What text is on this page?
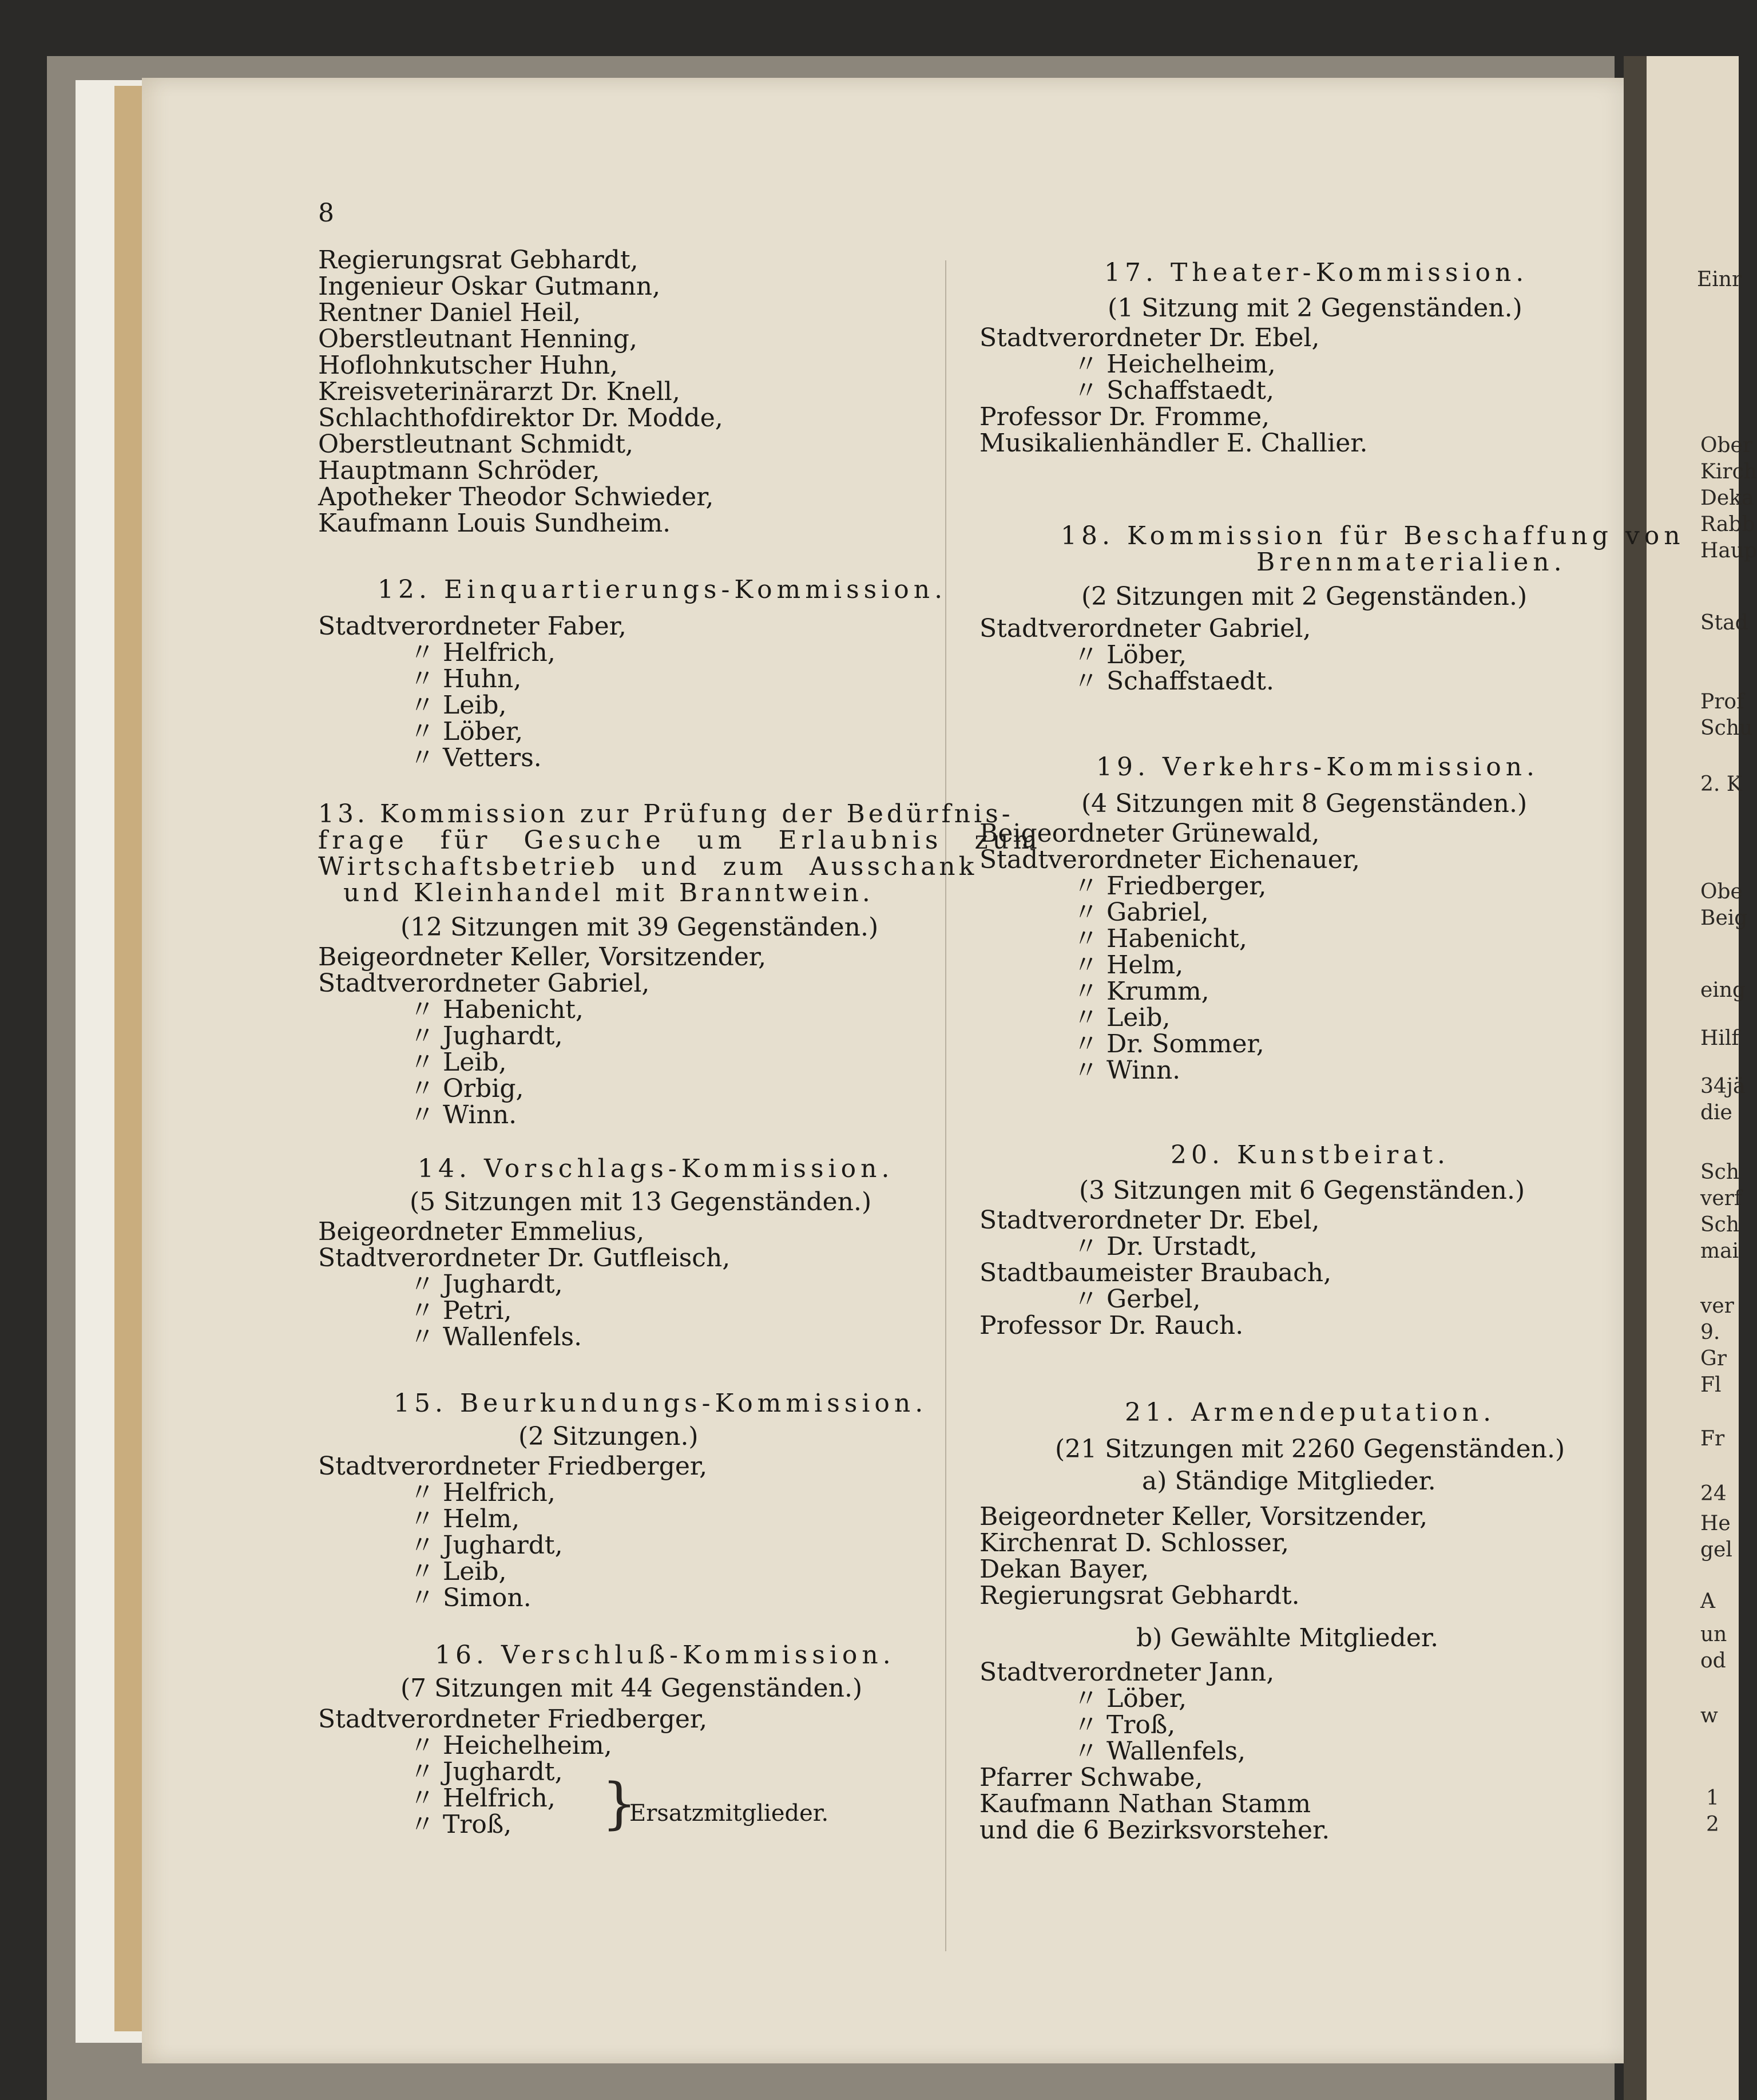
8
Regierungsrat Gebhardt,
Ingenieur Oskar Gutmann,
Rentner Daniel Heil,
Oberstleutnant Henning,
Hoflohnkutscher Huhn,
Kreisveterinärarzt Dr. Knell,
Schlachthofdirektor Dr. Modde,
Oberstleutnant Schmidt,
Hauptmann Schröder,
Apotheker Theodor Schwieder,
Kaufmann Louis Sundheim.
12. Einquartierungs-Kommission.
Stadtverordneter Faber,
〃 Helfrich,
〃 Huhn,
〃 Leib,
〃 Löber,
〃 Vetters.
13. Kommission zur Prüfung der Bedürfnis-
frage für Gesuche um Erlaubnis zum
Wirtschaftsbetrieb und zum Ausschank
und Kleinhandel mit Branntwein.
(12 Sitzungen mit 39 Gegenständen.)
Beigeordneter Keller, Vorsitzender,
Stadtverordneter Gabriel,
〃 Habenicht,
〃 Jughardt,
〃 Leib,
〃 Orbig,
〃 Winn.
14. Vorschlags-Kommission.
(5 Sitzungen mit 13 Gegenständen.)
Beigeordneter Emmelius,
Stadtverordneter Dr. Gutfleisch,
〃 Jughardt,
〃 Petri,
〃 Wallenfels.
15. Beurkundungs-Kommission.
(2 Sitzungen.)
Stadtverordneter Friedberger,
〃 Helfrich,
〃 Helm,
〃 Jughardt,
〃 Leib,
〃 Simon.
16. Verschluß-Kommission.
(7 Sitzungen mit 44 Gegenständen.)
Stadtverordneter Friedberger,
〃 Heichelheim,
〃 Jughardt,
〃 Helfrich,
〃 Troß, }
Ersatzmitglieder.
17. Theater-Kommission.
(1 Sitzung mit 2 Gegenständen.)
Stadtverordneter Dr. Ebel,
〃 Heichelheim,
〃 Schaffstaedt,
Professor Dr. Fromme,
Musikalienhändler E. Challier.
18. Kommission für Beschaffung von
Brennmaterialien.
(2 Sitzungen mit 2 Gegenständen.)
Stadtverordneter Gabriel,
〃 Löber,
〃 Schaffstaedt.
19. Verkehrs-Kommission.
(4 Sitzungen mit 8 Gegenständen.)
Beigeordneter Grünewald,
Stadtverordneter Eichenauer,
〃 Friedberger,
〃 Gabriel,
〃 Habenicht,
〃 Helm,
〃 Krumm,
〃 Leib,
〃 Dr. Sommer,
〃 Winn.
20. Kunstbeirat.
(3 Sitzungen mit 6 Gegenständen.)
Stadtverordneter Dr. Ebel,
〃 Dr. Urstadt,
Stadtbaumeister Braubach,
〃 Gerbel,
Professor Dr. Rauch.
21. Armendeputation.
(21 Sitzungen mit 2260 Gegenständen.)
a) Ständige Mitglieder.
Beigeordneter Keller, Vorsitzender,
Kirchenrat D. Schlosser,
Dekan Bayer,
Regierungsrat Gebhardt.
b) Gewählte Mitglieder.
Stadtverordneter Jann,
〃 Löber,
〃 Troß,
〃 Wallenfels,
Pfarrer Schwabe,
Kaufmann Nathan Stamm
und die 6 Bezirksvorsteher.
Einr
Ober
Kirch
Deka
Rabb
Haup
Stad
Prof
Schu
2. K
Obe
Beig
eing
Hilf
34jä
die
Sch
verf
Sch
mai
ver
9.
Gr
Fl
Fr
24
He
gel
A
un
od
w
1
2
